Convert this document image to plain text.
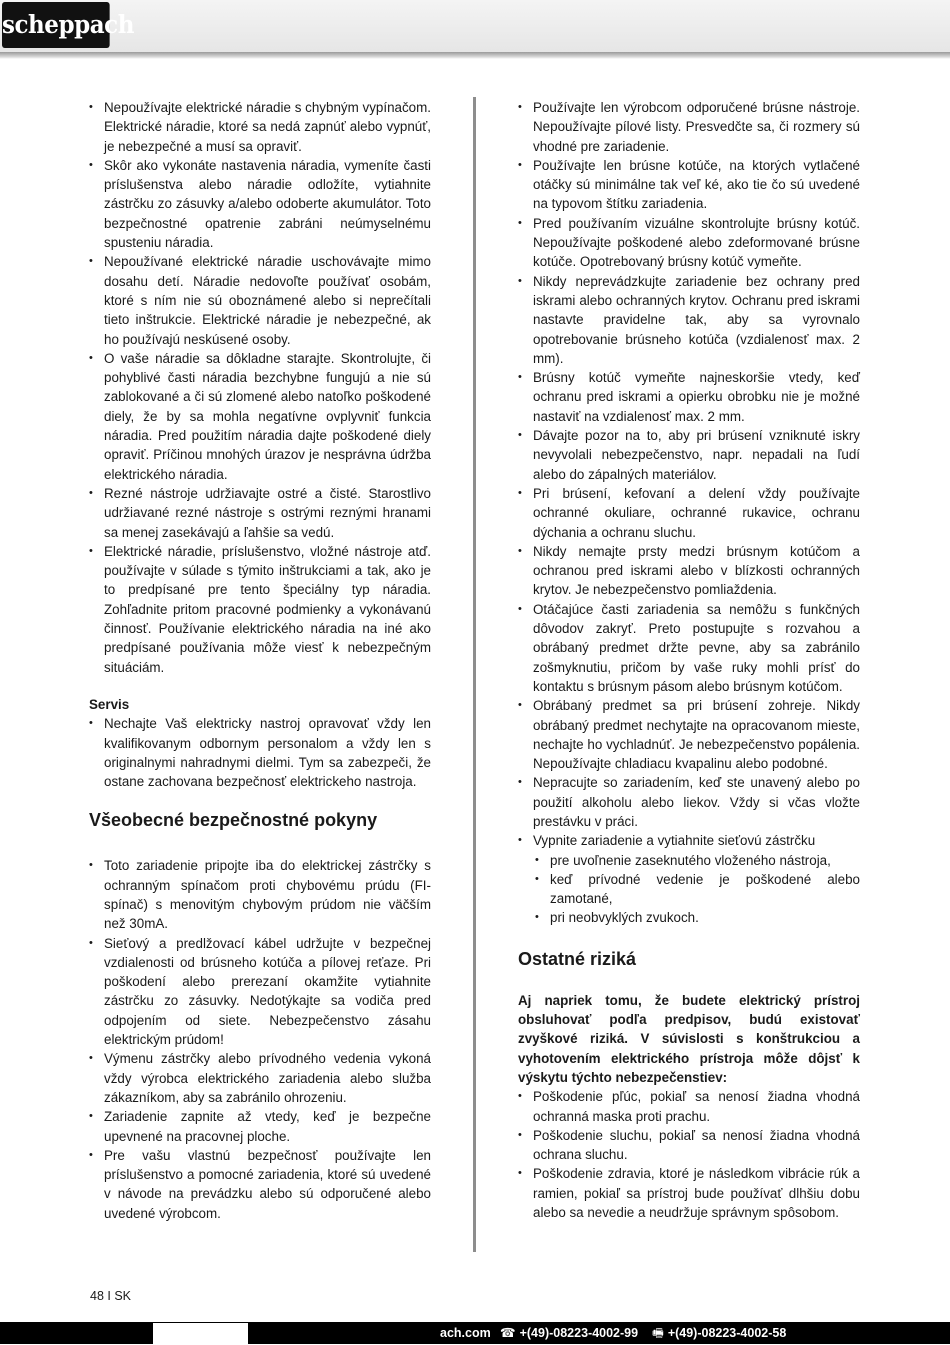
scheppach
• Nepoužívajte elektrické náradie s chybným vypínačom. Elektrické náradie, ktoré sa nedá zapnúť alebo vypnúť, je nebezpečné a musí sa opraviť.
• Skôr ako vykonáte nastavenia náradia, vymeníte časti príslušenstva alebo náradie odložíte, vytiahnite zástrčku zo zásuvky a/alebo odoberte akumulátor. Toto bezpečnostné opatrenie zabráni neúmyselnému spusteniu náradia.
• Nepoužívané elektrické náradie uschovávajte mimo dosahu detí. Náradie nedovoľte používať osobám, ktoré s ním nie sú oboznámené alebo si neprečítali tieto inštrukcie. Elektrické náradie je nebezpečné, ak ho používajú neskúsené osoby.
• O vaše náradie sa dôkladne starajte. Skontrolujte, či pohyblivé časti náradia bezchybne fungujú a nie sú zablokované a či sú zlomené alebo natoľko poškodené diely, že by sa mohla negatívne ovplyvniť funkcia náradia. Pred použitím náradia dajte poškodené diely opraviť. Príčinou mnohých úrazov je nesprávna údržba elektrického náradia.
• Rezné nástroje udržiavajte ostré a čisté. Starostlivo udržiavané rezné nástroje s ostrými reznými hranami sa menej zasekávajú a ľahšie sa vedú.
• Elektrické náradie, príslušenstvo, vložné nástroje atď. používajte v súlade s týmito inštrukciami a tak, ako je to predpísané pre tento špeciálny typ náradia. Zohľadnite pritom pracovné podmienky a vykonávanú činnosť. Používanie elektrického náradia na iné ako predpísané používania môže viesť k nebezpečným situáciám.
Servis
• Nechajte Vaš elektricky nastroj opravovať vždy len kvalifikovanym odbornym personalom a vždy len s originalnymi nahradnymi dielmi. Tym sa zabezpeči, že ostane zachovana bezpečnosť elektrickeho nastroja.
Všeobecné bezpečnostné pokyny
• Toto zariadenie pripojte iba do elektrickej zástrčky s ochranným spínačom proti chybovému prúdu (FI-spínač) s menovitým chybovým prúdom nie väčším než 30mA.
• Sieťový a predlžovací kábel udržujte v bezpečnej vzdialenosti od brúsneho kotúča a pílovej reťaze. Pri poškodení alebo prerezaní okamžite vytiahnite zástrčku zo zásuvky. Nedotýkajte sa vodiča pred odpojením od siete. Nebezpečenstvo zásahu elektrickým prúdom!
• Výmenu zástrčky alebo prívodného vedenia vykoná vždy výrobca elektrického zariadenia alebo služba zákazníkom, aby sa zabránilo ohrozeniu.
• Zariadenie zapnite až vtedy, keď je bezpečne upevnené na pracovnej ploche.
• Pre vašu vlastnú bezpečnosť používajte len príslušenstvo a pomocné zariadenia, ktoré sú uvedené v návode na prevádzku alebo sú odporučené alebo uvedené výrobcom.
• Používajte len výrobcom odporučené brúsne nástroje. Nepoužívajte pílové listy. Presvedčte sa, či rozmery sú vhodné pre zariadenie.
• Používajte len brúsne kotúče, na ktorých vytlačené otáčky sú minimálne tak veľ ké, ako tie čo sú uvedené na typovom štítku zariadenia.
• Pred používaním vizuálne skontrolujte brúsny kotúč. Nepoužívajte poškodené alebo zdeformované brúsne kotúče. Opotrebovaný brúsny kotúč vymeňte.
• Nikdy neprevádzkujte zariadenie bez ochrany pred iskrami alebo ochranných krytov. Ochranu pred iskrami nastavte pravidelne tak, aby sa vyrovnalo opotrebovanie brúsneho kotúča (vzdialenosť max. 2 mm).
• Brúsny kotúč vymeňte najneskoršie vtedy, keď ochranu pred iskrami a opierku obrobku nie je možné nastaviť na vzdialenosť max. 2 mm.
• Dávajte pozor na to, aby pri brúsení vzniknuté iskry nevyvolali nebezpečenstvo, napr. nepadali na ľudí alebo do zápalných materiálov.
• Pri brúsení, kefovaní a delení vždy používajte ochranné okuliare, ochranné rukavice, ochranu dýchania a ochranu sluchu.
• Nikdy nemajte prsty medzi brúsnym kotúčom a ochranou pred iskrami alebo v blízkosti ochranných krytov. Je nebezpečenstvo pomliaždenia.
• Otáčajúce časti zariadenia sa nemôžu s funkčných dôvodov zakryť. Preto postupujte s rozvahou a obrábaný predmet držte pevne, aby sa zabránilo zošmyknutiu, pričom by vaše ruky mohli prísť do kontaktu s brúsnym pásom alebo brúsnym kotúčom.
• Obrábaný predmet sa pri brúsení zohreje. Nikdy obrábaný predmet nechytajte na opracovanom mieste, nechajte ho vychladnúť. Je nebezpečenstvo popálenia. Nepoužívajte chladiacu kvapalinu alebo podobné.
• Nepracujte so zariadením, keď ste unavený alebo po použití alkoholu alebo liekov. Vždy si včas vložte prestávku v práci.
• Vypnite zariadenie a vytiahnite sieťovú zástrčku
• pre uvoľnenie zaseknutého vloženého nástroja,
• keď prívodné vedenie je poškodené alebo zamotané,
• pri neobvyklých zvukoch.
Ostatné riziká
Aj napriek tomu, že budete elektrický prístroj obsluhovať podľa predpisov, budú existovať zvyškové riziká. V súvislosti s konštrukciou a vyhotovením elektrického prístroja môže dôjsť k výskytu týchto nebezpečenstiev:
• Poškodenie pľúc, pokiaľ sa nenosí žiadna vhodná ochranná maska proti prachu.
• Poškodenie sluchu, pokiaľ sa nenosí žiadna vhodná ochrana sluchu.
• Poškodenie zdravia, ktoré je následkom vibrácie rúk a ramien, pokiaľ sa prístroj bude používať dlhšiu dobu alebo sa nevedie a neudržuje správnym spôsobom.
48 I SK
ach.com ☎ +(49)-08223-4002-99 🖷 +(49)-08223-4002-58
